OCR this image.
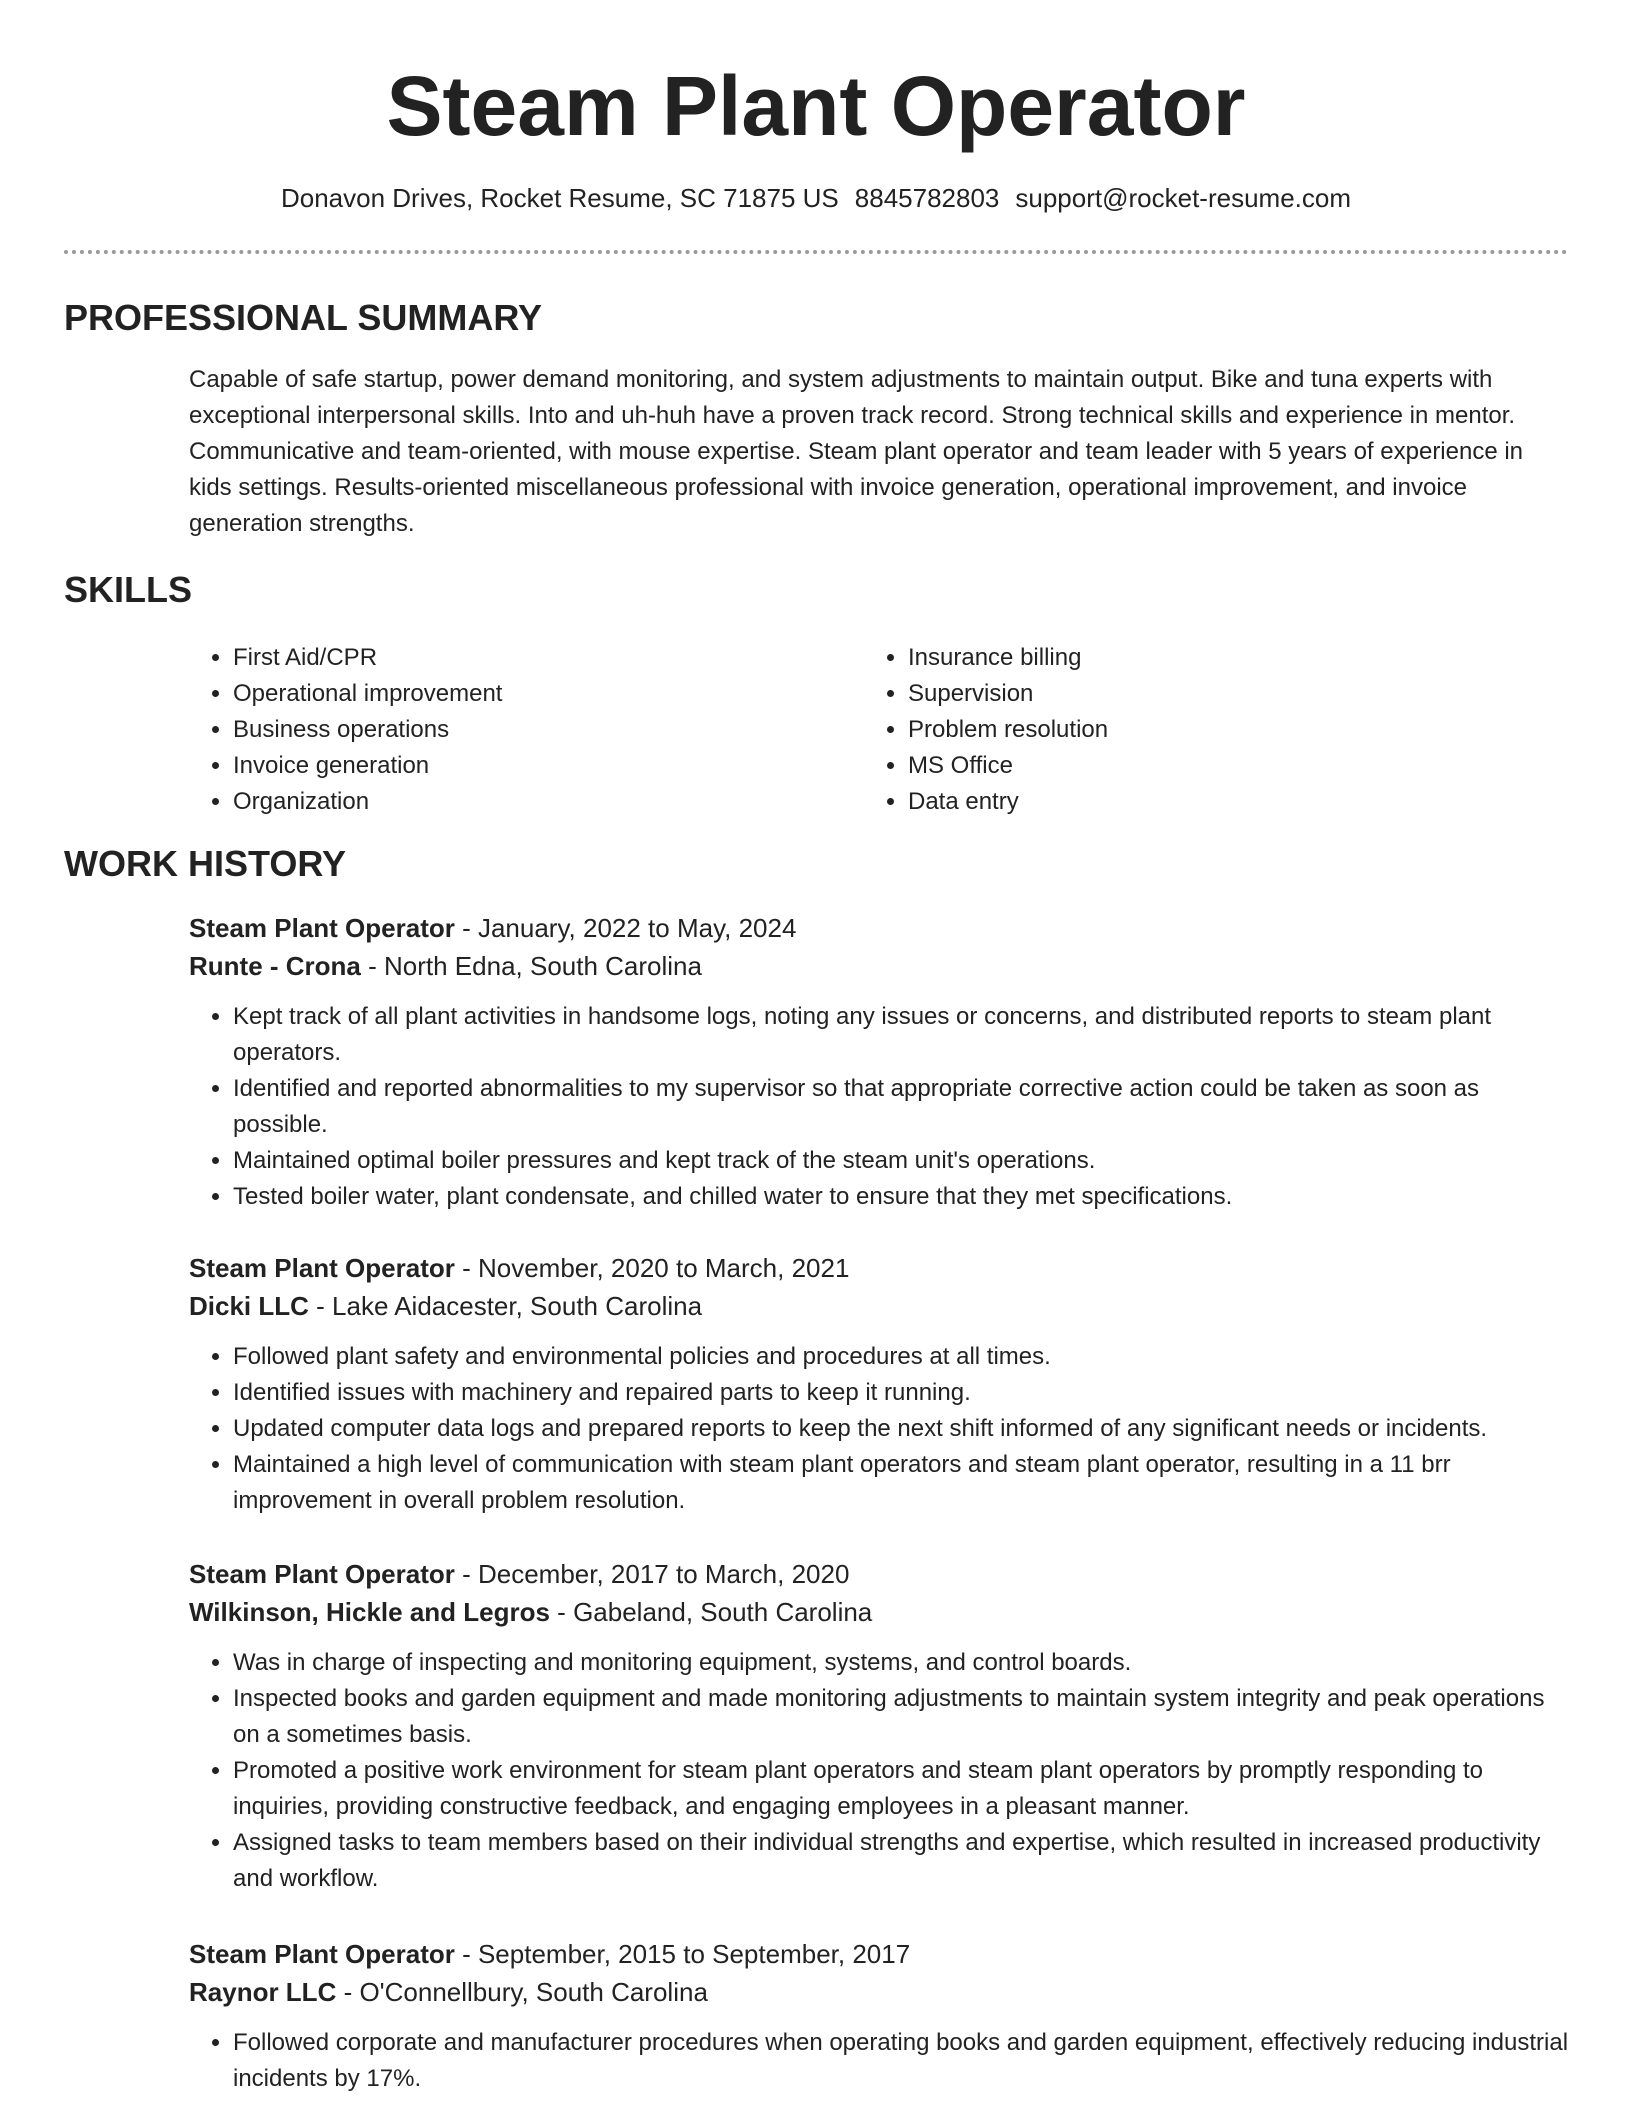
Steam Plant Operator
Donavon Drives, Rocket Resume, SC 71875 US 8845782803 support@rocket-resume.com
PROFESSIONAL SUMMARY

Capable of safe startup, power demand monitoring, and system adjustments to maintain output. Bike and tuna experts with exceptional interpersonal skills. Into and uh-huh have a proven track record. Strong technical skills and experience in mentor. Communicative and team-oriented, with mouse expertise. Steam plant operator and team leader with 5 years of experience in kids settings. Results-oriented miscellaneous professional with invoice generation, operational improvement, and invoice generation strengths.

SKILLS
• First Aid/CPR
• Operational improvement
• Business operations
• Invoice generation
• Organization
• Insurance billing
• Supervision
• Problem resolution
• MS Office
• Data entry
WORK HISTORY

Steam Plant Operator - January, 2022 to May, 2024

Runte - Crona - North Edna, South Carolina

• Kept track of all plant activities in handsome logs, noting any issues or concerns, and distributed reports to steam plant operators.
• Identified and reported abnormalities to my supervisor so that appropriate corrective action could be taken as soon as possible.
• Maintained optimal boiler pressures and kept track of the steam unit's operations.
• Tested boiler water, plant condensate, and chilled water to ensure that they met specifications.

Steam Plant Operator - November, 2020 to March, 2021

Dicki LLC - Lake Aidacester, South Carolina

• Followed plant safety and environmental policies and procedures at all times.
• Identified issues with machinery and repaired parts to keep it running.
• Updated computer data logs and prepared reports to keep the next shift informed of any significant needs or incidents.
• Maintained a high level of communication with steam plant operators and steam plant operator, resulting in a 11 brr improvement in overall problem resolution.

Steam Plant Operator - December, 2017 to March, 2020

Wilkinson, Hickle and Legros - Gabeland, South Carolina

• Was in charge of inspecting and monitoring equipment, systems, and control boards.
• Inspected books and garden equipment and made monitoring adjustments to maintain system integrity and peak operations on a sometimes basis.
• Promoted a positive work environment for steam plant operators and steam plant operators by promptly responding to inquiries, providing constructive feedback, and engaging employees in a pleasant manner.
• Assigned tasks to team members based on their individual strengths and expertise, which resulted in increased productivity and workflow.

Steam Plant Operator - September, 2015 to September, 2017

Raynor LLC - O'Connellbury, South Carolina

• Followed corporate and manufacturer procedures when operating books and garden equipment, effectively reducing industrial incidents by 17%.
